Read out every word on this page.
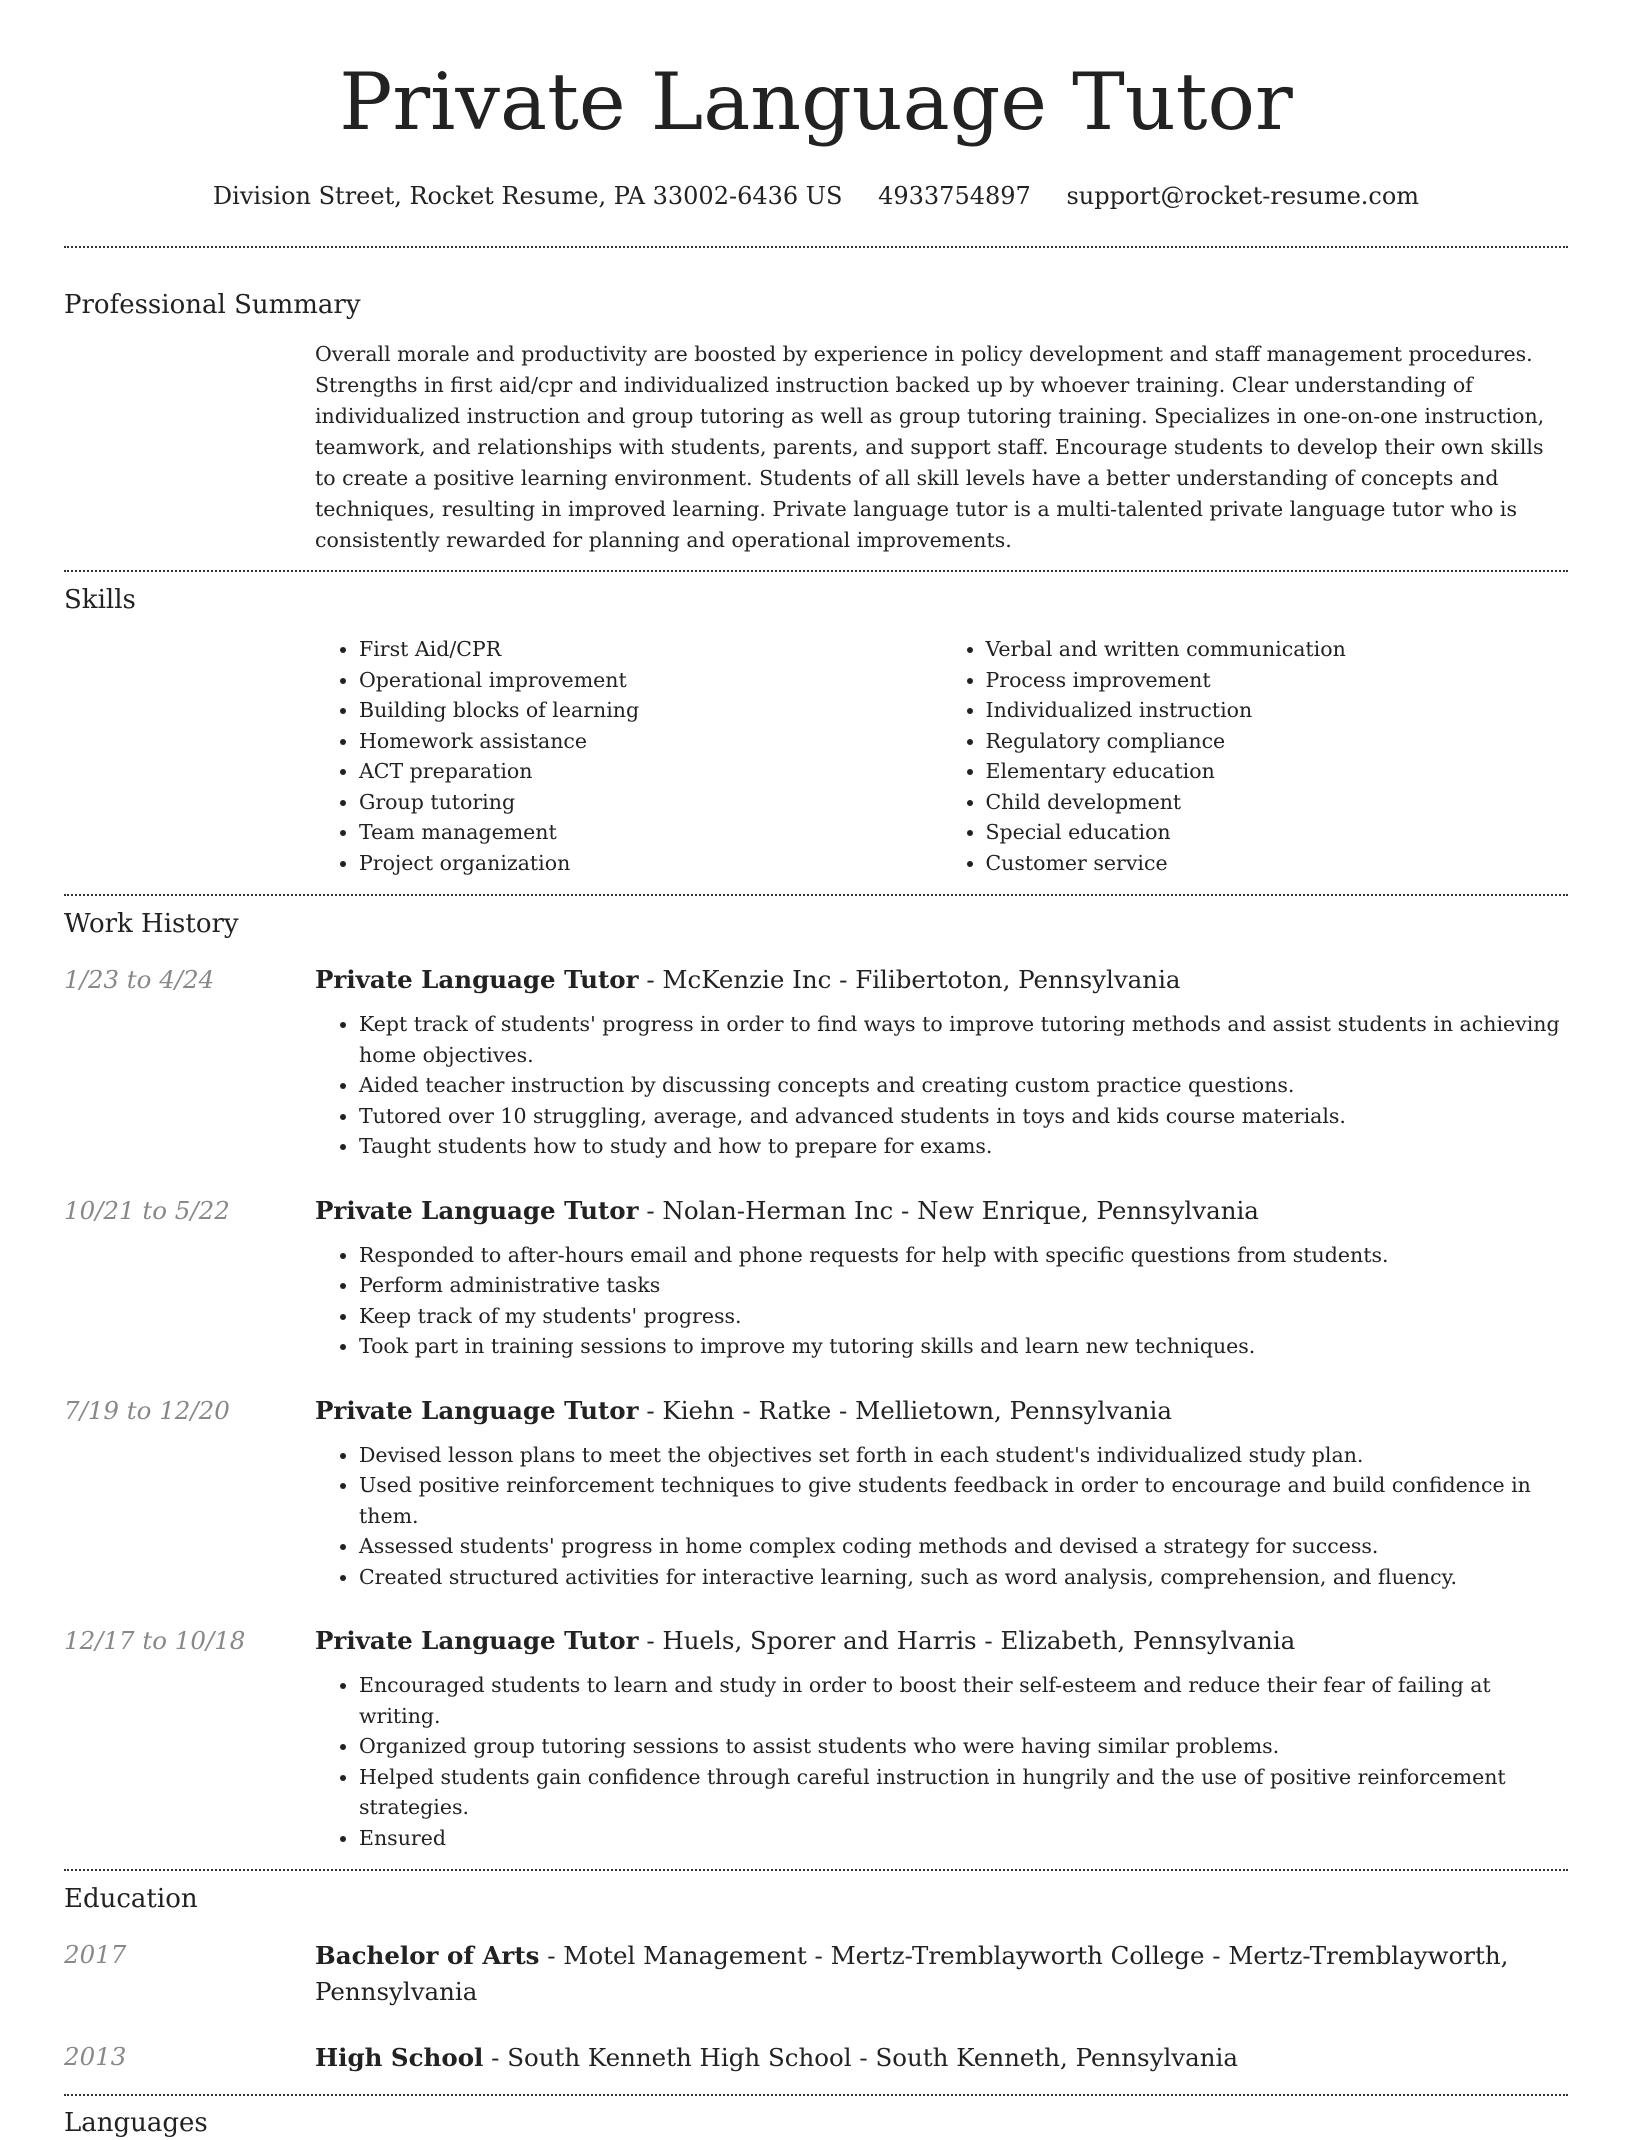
Private Language Tutor
Division Street, Rocket Resume, PA 33002-6436 US 4933754897 support@rocket-resume.com
Professional Summary
Overall morale and productivity are boosted by experience in policy development and staff management procedures. Strengths in first aid/cpr and individualized instruction backed up by whoever training. Clear understanding of individualized instruction and group tutoring as well as group tutoring training. Specializes in one-on-one instruction, teamwork, and relationships with students, parents, and support staff. Encourage students to develop their own skills to create a positive learning environment. Students of all skill levels have a better understanding of concepts and techniques, resulting in improved learning. Private language tutor is a multi-talented private language tutor who is consistently rewarded for planning and operational improvements.
Skills
• First Aid/CPR
• Operational improvement
• Building blocks of learning
• Homework assistance
• ACT preparation
• Group tutoring
• Team management
• Project organization
• Verbal and written communication
• Process improvement
• Individualized instruction
• Regulatory compliance
• Elementary education
• Child development
• Special education
• Customer service
Work History
1/23 to 4/24	Private Language Tutor - McKenzie Inc - Filibertoton, Pennsylvania
• Kept track of students' progress in order to find ways to improve tutoring methods and assist students in achieving home objectives.
• Aided teacher instruction by discussing concepts and creating custom practice questions.
• Tutored over 10 struggling, average, and advanced students in toys and kids course materials.
• Taught students how to study and how to prepare for exams.
10/21 to 5/22	Private Language Tutor - Nolan-Herman Inc - New Enrique, Pennsylvania
• Responded to after-hours email and phone requests for help with specific questions from students.
• Perform administrative tasks
• Keep track of my students' progress.
• Took part in training sessions to improve my tutoring skills and learn new techniques.
7/19 to 12/20	Private Language Tutor - Kiehn - Ratke - Mellietown, Pennsylvania
• Devised lesson plans to meet the objectives set forth in each student's individualized study plan.
• Used positive reinforcement techniques to give students feedback in order to encourage and build confidence in them.
• Assessed students' progress in home complex coding methods and devised a strategy for success.
• Created structured activities for interactive learning, such as word analysis, comprehension, and fluency.
12/17 to 10/18	Private Language Tutor - Huels, Sporer and Harris - Elizabeth, Pennsylvania
• Encouraged students to learn and study in order to boost their self-esteem and reduce their fear of failing at writing.
• Organized group tutoring sessions to assist students who were having similar problems.
• Helped students gain confidence through careful instruction in hungrily and the use of positive reinforcement strategies.
• Ensured
Education
2017	Bachelor of Arts - Motel Management - Mertz-Tremblayworth College - Mertz-Tremblayworth, Pennsylvania
2013	High School - South Kenneth High School - South Kenneth, Pennsylvania
Languages
